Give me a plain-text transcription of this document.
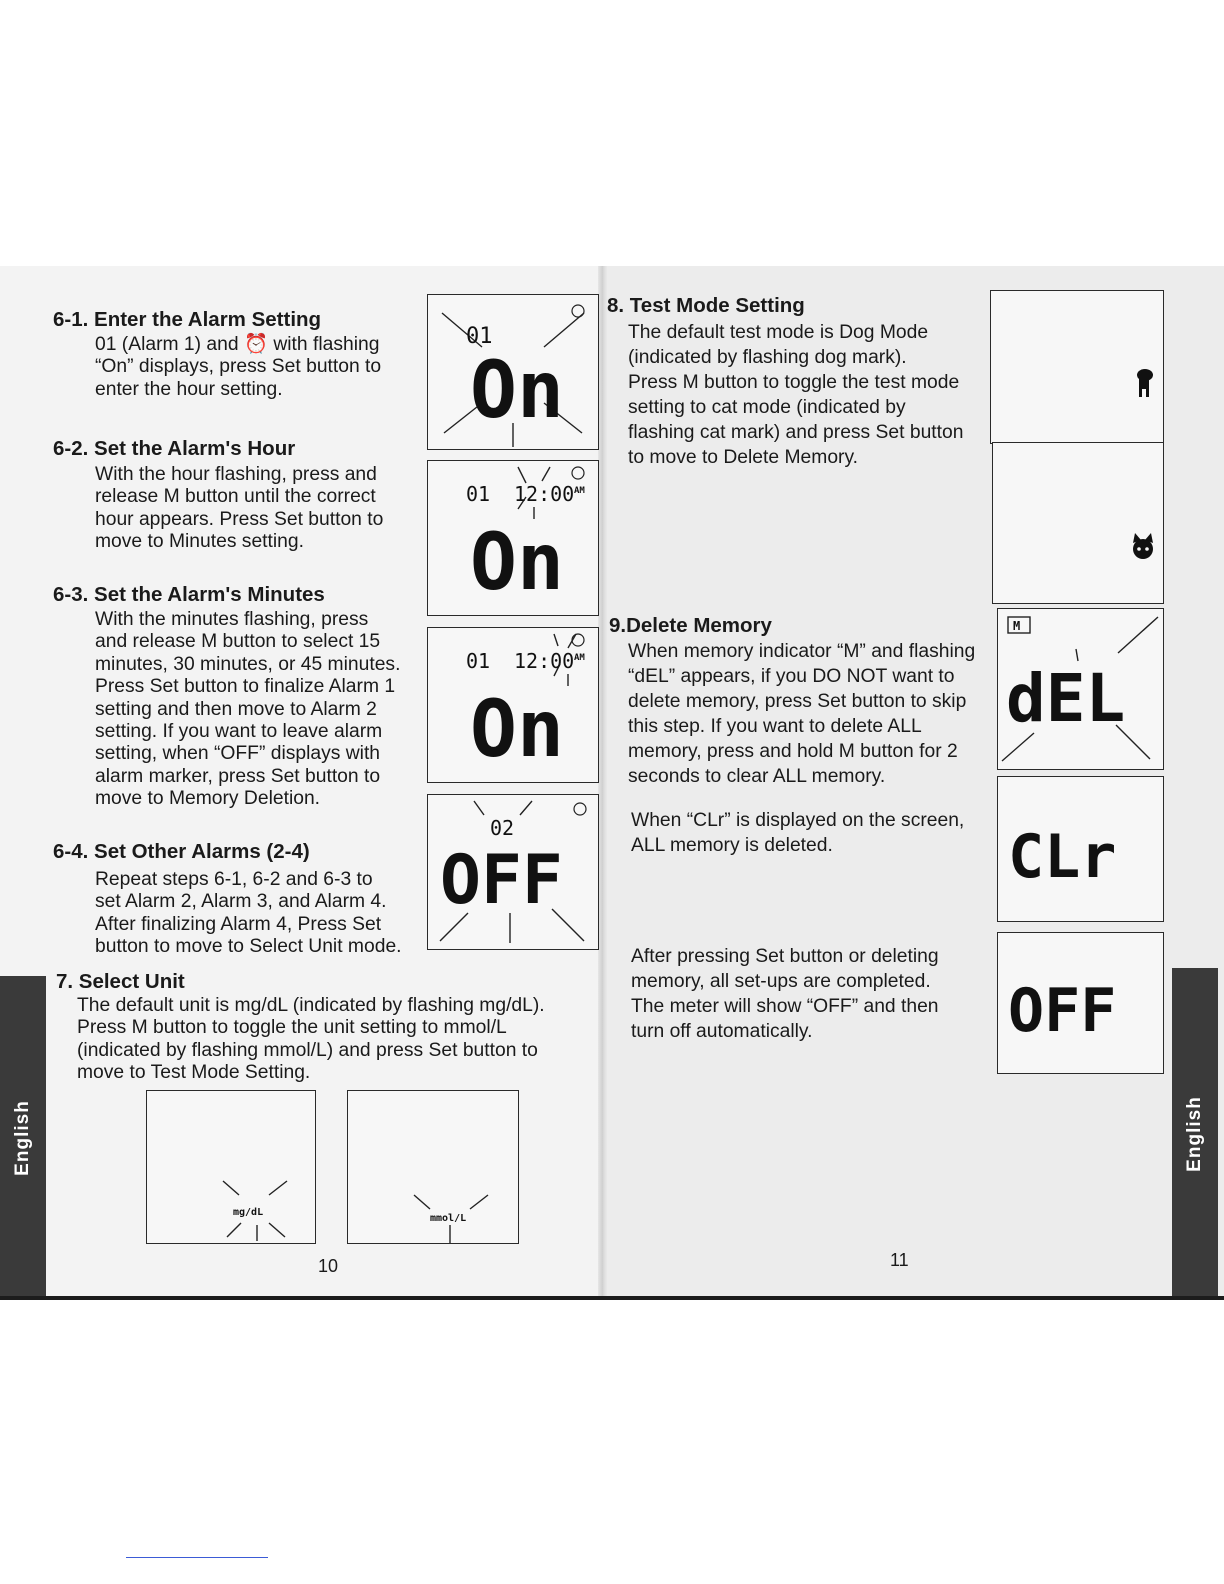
English	English
6-1. Enter the Alarm Setting
01 (Alarm 1) and ⏰ with flashing
“On” displays, press Set button to
enter the hour setting.
6-2. Set the Alarm's Hour
With the hour flashing, press and
release M button until the correct
hour appears. Press Set button to
move to Minutes setting.
6-3. Set the Alarm's Minutes
With the minutes flashing, press
and release M button to select 15
minutes, 30 minutes, or 45 minutes.
Press Set button to finalize Alarm 1
setting and then move to Alarm 2
setting. If you want to leave alarm
setting, when “OFF” displays with
alarm marker, press Set button to
move to Memory Deletion.
6-4. Set Other Alarms (2-4)
Repeat steps 6-1, 6-2 and 6-3 to
set Alarm 2, Alarm 3, and Alarm 4.
After finalizing Alarm 4, Press Set
button to move to Select Unit mode.
7. Select Unit
The default unit is mg/dL (indicated by flashing mg/dL).
Press M button to toggle the unit setting to mmol/L
(indicated by flashing mmol/L) and press Set button to
move to Test Mode Setting.
01
On
01 12:00 AM
On
01 12:00 AM
On
02
OFF
mg/dL
mmol/L
10
8. Test Mode Setting
The default test mode is Dog Mode
(indicated by flashing dog mark).
Press M button to toggle the test mode
setting to cat mode (indicated by
flashing cat mark) and press Set button
to move to Delete Memory.
9.Delete Memory
When memory indicator “M” and flashing
“dEL” appears, if you DO NOT want to
delete memory, press Set button to skip
this step. If you want to delete ALL
memory, press and hold M button for 2
seconds to clear ALL memory.
When “CLr” is displayed on the screen,
ALL memory is deleted.
After pressing Set button or deleting
memory, all set-ups are completed.
The meter will show “OFF” and then
turn off automatically.
M
dEL
CLr
OFF
11
